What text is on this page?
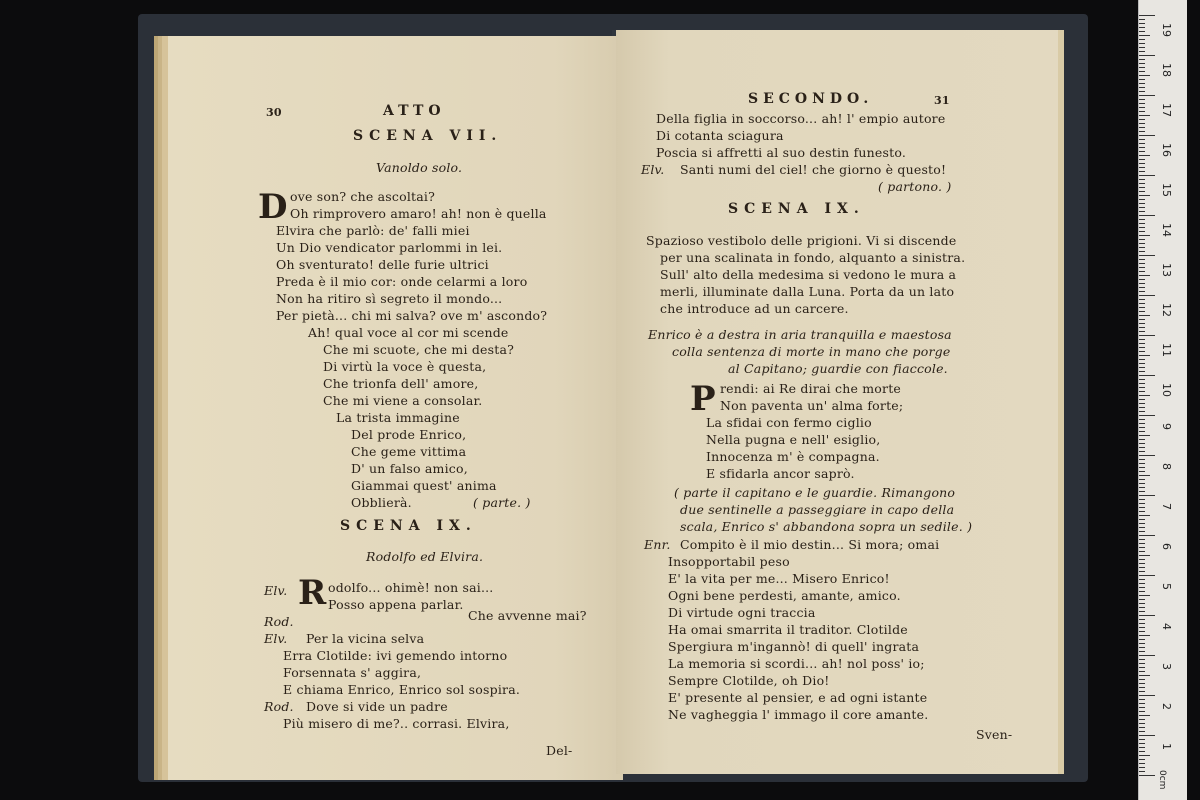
30	ATTO
SCENA VII.
Vanoldo solo.
D ove son? che ascoltai?
Oh rimprovero amaro! ah! non è quella
Elvira che parlò: de' falli miei
Un Dio vendicator parlommi in lei.
Oh sventurato! delle furie ultrici
Preda è il mio cor: onde celarmi a loro
Non ha ritiro sì segreto il mondo...
Per pietà... chi mi salva? ove m' ascondo?
Ah! qual voce al cor mi scende
Che mi scuote, che mi desta?
Di virtù la voce è questa,
Che trionfa dell' amore,
Che mi viene a consolar.
La trista immagine
Del prode Enrico,
Che geme vittima
D' un falso amico,
Giammai quest' anima
Obblierà.	( parte. )
SCENA IX.
Rodolfo ed Elvira.
Elv. R odolfo... ohimè! non sai...
Posso appena parlar.
Rod.	Che avvenne mai?
Elv. Per la vicina selva
Erra Clotilde: ivi gemendo intorno
Forsennata s' aggira,
E chiama Enrico, Enrico sol sospira.
Rod. Dove si vide un padre
Più misero di me?.. corrasi. Elvira,
Del-
SECONDO.	31
Della figlia in soccorso... ah! l' empio autore
Di cotanta sciagura
Poscia si affretti al suo destin funesto.
Elv. Santi numi del ciel! che giorno è questo!
( partono. )
SCENA IX.
Spazioso vestibolo delle prigioni. Vi si discende
per una scalinata in fondo, alquanto a sinistra.
Sull' alto della medesima si vedono le mura a
merli, illuminate dalla Luna. Porta da un lato
che introduce ad un carcere.
Enrico è a destra in aria tranquilla e maestosa
colla sentenza di morte in mano che porge
al Capitano; guardie con fiaccole.
P rendi: ai Re dirai che morte
Non paventa un' alma forte;
La sfidai con fermo ciglio
Nella pugna e nell' esiglio,
Innocenza m' è compagna.
E sfidarla ancor saprò.
( parte il capitano e le guardie. Rimangono
due sentinelle a passeggiare in capo della
scala, Enrico s' abbandona sopra un sedile. )
Enr. Compito è il mio destin... Si mora; omai
Insopportabil peso
E' la vita per me... Misero Enrico!
Ogni bene perdesti, amante, amico.
Di virtude ogni traccia
Ha omai smarrita il traditor. Clotilde
Spergiura m'ingannò! di quell' ingrata
La memoria si scordi... ah! nol poss' io;
Sempre Clotilde, oh Dio!
E' presente al pensier, e ad ogni istante
Ne vagheggia l' immago il core amante.
Sven-
0cm
19
18
17
16
15
14
13
12
11
10
9
8
7
6
5
4
3
2
1
